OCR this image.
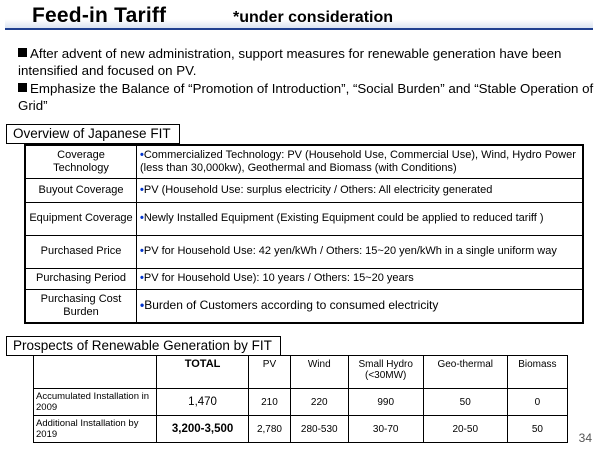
Feed-in Tariff	*under consideration

After advent of new administration, support measures for renewable generation have been intensified and focused on PV.

Emphasize the Balance of “Promotion of Introduction”, “Social Burden” and “Stable Operation of Grid”

Overview of Japanese FIT
Coverage Technology	•Commercialized Technology: PV (Household Use, Commercial Use), Wind, Hydro Power (less than 30,000kw), Geothermal and Biomass (with Conditions)
Buyout Coverage	•PV (Household Use: surplus electricity / Others: All electricity generated
Equipment Coverage	•Newly Installed Equipment (Existing Equipment could be applied to reduced tariff )
Purchased Price	•PV for Household Use: 42 yen/kWh / Others: 15~20 yen/kWh in a single uniform way
Purchasing Period	•PV for Household Use): 10 years / Others: 15~20 years
Purchasing Cost Burden	•Burden of Customers according to consumed electricity
Prospects of Renewable Generation by FIT
	TOTAL	PV	Wind	Small Hydro (<30MW)	Geo-thermal	Biomass
Accumulated Installation in 2009	1,470	210	220	990	50	0
Additional Installation by 2019	3,200-3,500	2,780	280-530	30-70	20-50	50
34
